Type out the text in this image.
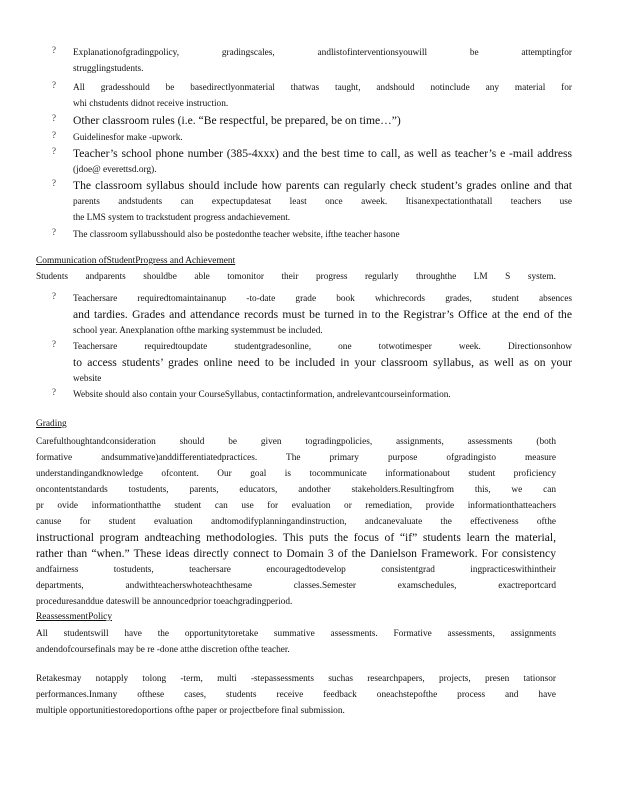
? Explanationofgradingpolicy, gradingscales, andlistofinterventionsyouwill be attemptingfor
strugglingstudents.
? All gradesshould be basedirectlyonmaterial thatwas taught, andshould notinclude any material for
whi chstudents didnot receive instruction.
? Other classroom rules (i.e. “Be respectful, be prepared, be on time…”)
? Guidelinesfor make -upwork.
? Teacher’s school phone number (385-4xxx) and the best time to call, as well as teacher’s e -mail address
(jdoe@ everettsd.org).
? The classroom syllabus should include how parents can regularly check student’s grades online and that
parents andstudents can expectupdatesat least once aweek. Itisanexpectationthatall teachers use
the LMS system to trackstudent progress andachievement.
? The classroom syllabusshould also be postedonthe teacher website, ifthe teacher hasone
Communication ofStudentProgress and Achievement
Students andparents shouldbe able tomonitor their progress regularly throughthe LM S system.
? Teachersare requiredtomaintainanup -to-date grade book whichrecords grades, student absences
and tardies. Grades and attendance records must be turned in to the Registrar’s Office at the end of the
school year. Anexplanation ofthe marking systemmust be included.
? Teachersare requiredtoupdate studentgradesonline, one totwotimesper week. Directionsonhow
to access students’ grades online need to be included in your classroom syllabus, as well as on your
website
? Website should also contain your CourseSyllabus, contactinformation, andrelevantcourseinformation.
Grading
Carefulthoughtandconsideration should be given togradingpolicies, assignments, assessments (both
formative andsummative)anddifferentiatedpractices. The primary purpose ofgradingisto measure
understandingandknowledge ofcontent. Our goal is tocommunicate informationabout student proficiency
oncontentstandards tostudents, parents, educators, andother stakeholders.Resultingfrom this, we can
pr ovide informationthatthe student can use for evaluation or remediation, provide informationthatteachers
canuse for student evaluation andtomodifyplanningandinstruction, andcanevaluate the effectiveness ofthe
instructional program andteaching methodologies. This puts the focus of “if” students learn the material,
rather than “when.” These ideas directly connect to Domain 3 of the Danielson Framework. For consistency
andfairness tostudents, teachersare encouragedtodevelop consistentgrad ingpracticeswithintheir
departments, andwithteacherswhoteachthesame classes.Semester examschedules, exactreportcard
proceduresanddue dateswill be announcedprior toeachgradingperiod.
ReassessmentPolicy
All studentswill have the opportunitytoretake summative assessments. Formative assessments, assignments
andendofcoursefinals may be re -done atthe discretion ofthe teacher.
Retakesmay notapply tolong -term, multi -stepassessments suchas researchpapers, projects, presen tationsor
performances.Inmany ofthese cases, students receive feedback oneachstepofthe process and have
multiple opportunitiestoredoportions ofthe paper or projectbefore final submission.
